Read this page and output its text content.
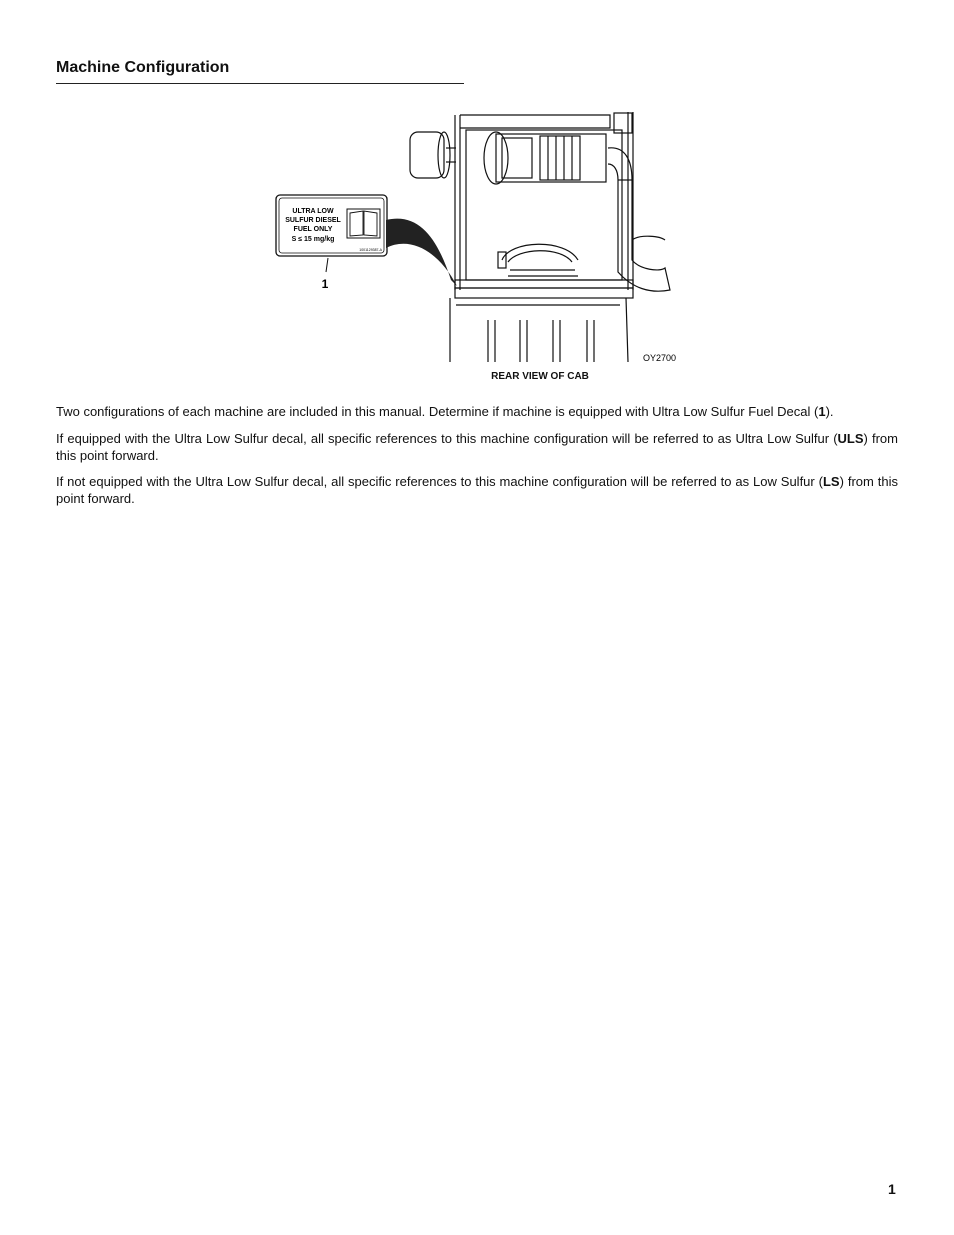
Machine Configuration
ULTRA LOW
SULFUR DIESEL
FUEL ONLY
S ≤ 15 mg/kg
1001129387-A
1
OY2700
REAR VIEW OF CAB

Two configurations of each machine are included in this manual. Determine if machine is equipped with Ultra Low Sulfur Fuel Decal (1).

If equipped with the Ultra Low Sulfur decal, all specific references to this machine configuration will be referred to as Ultra Low Sulfur (ULS) from this point forward.

If not equipped with the Ultra Low Sulfur decal, all specific references to this machine configuration will be referred to as Low Sulfur (LS) from this point forward.

1
